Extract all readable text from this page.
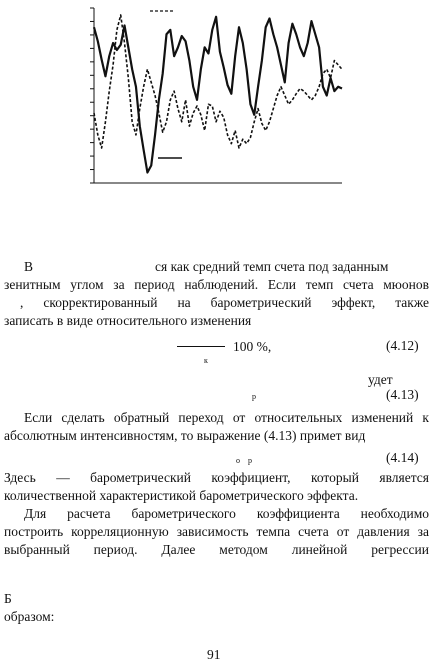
В	ся как средний темп счета под заданным
зенитным углом за период наблюдений. Если темп счета мюонов
, скорректированный на барометрический эффект, также
записать в виде относительного изменения
100 %,
к
(4.12)
удет
р	(4.13)
Если сделать обратный переход от относительных изменений к
абсолютным интенсивностям, то выражение (4.13) примет вид
о    р	(4.14)
Здесь — барометрический коэффициент, который является
количественной характеристикой барометрического эффекта.
Для расчета барометрического коэффициента необходимо
построить корреляционную зависимость темпа счета от давления за
выбранный период. Далее методом линейной регрессии
Б
образом:
91
